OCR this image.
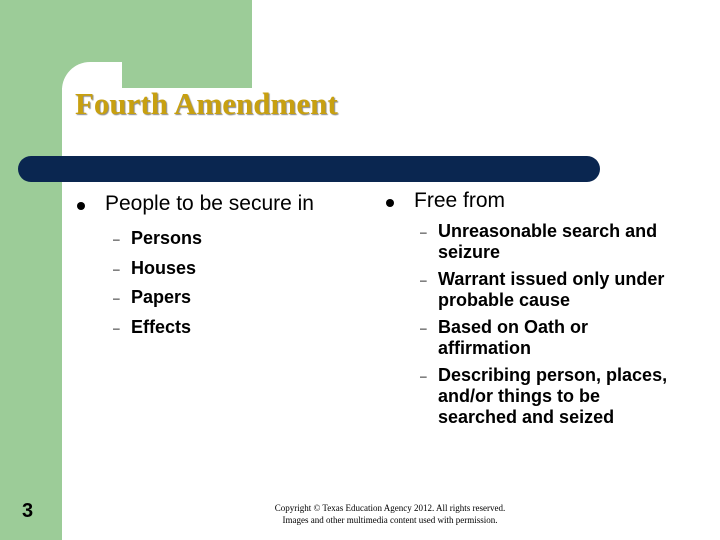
Fourth Amendment
People to be secure in
– Persons
– Houses
– Papers
– Effects
Free from
– Unreasonable search and seizure
– Warrant issued only under probable cause
– Based on Oath or affirmation
– Describing person, places, and/or things to be searched and seized
3	Copyright © Texas Education Agency 2012. All rights reserved.
Images and other multimedia content used with permission.
